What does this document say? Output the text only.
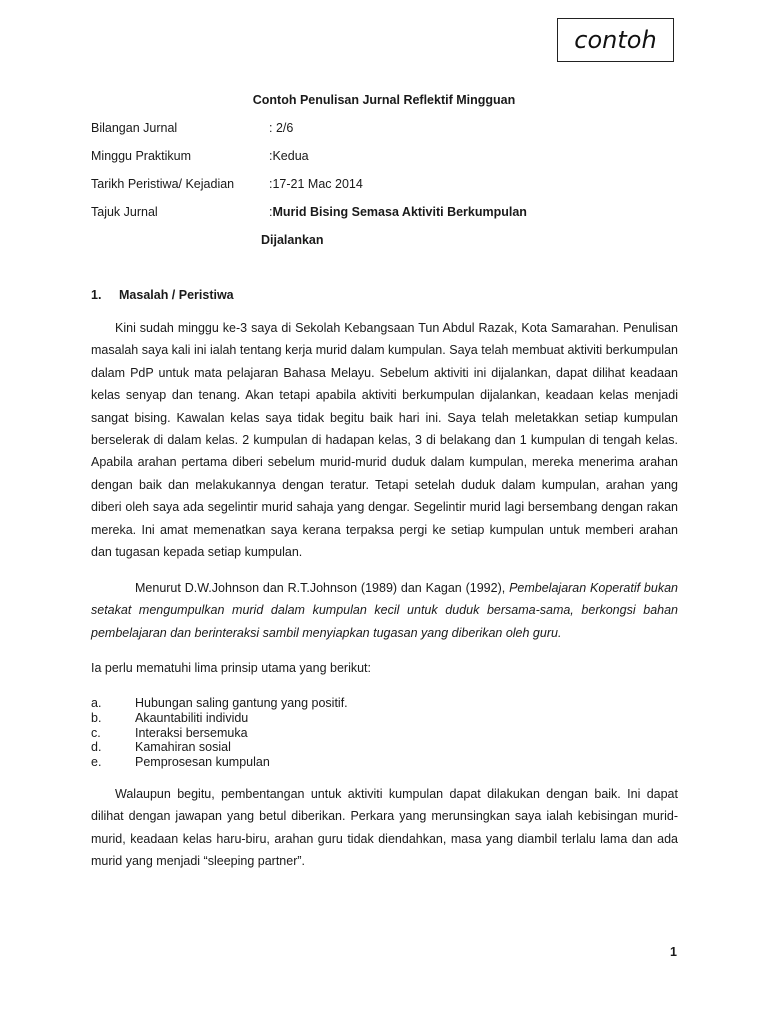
contoh
Contoh Penulisan Jurnal Reflektif Mingguan
Bilangan Jurnal	: 2/6
Minggu Praktikum	:Kedua
Tarikh Peristiwa/ Kejadian	:17-21 Mac 2014
Tajuk Jurnal	:Murid Bising Semasa Aktiviti Berkumpulan
Dijalankan
1. Masalah / Peristiwa

Kini sudah minggu ke-3 saya di Sekolah Kebangsaan Tun Abdul Razak, Kota Samarahan. Penulisan masalah saya kali ini ialah tentang kerja murid dalam kumpulan. Saya telah membuat aktiviti berkumpulan dalam PdP untuk mata pelajaran Bahasa Melayu. Sebelum aktiviti ini dijalankan, dapat dilihat keadaan kelas senyap dan tenang. Akan tetapi apabila aktiviti berkumpulan dijalankan, keadaan kelas menjadi sangat bising. Kawalan kelas saya tidak begitu baik hari ini. Saya telah meletakkan setiap kumpulan berselerak di dalam kelas. 2 kumpulan di hadapan kelas, 3 di belakang dan 1 kumpulan di tengah kelas. Apabila arahan pertama diberi sebelum murid-murid duduk dalam kumpulan, mereka menerima arahan dengan baik dan melakukannya dengan teratur. Tetapi setelah duduk dalam kumpulan, arahan yang diberi oleh saya ada segelintir murid sahaja yang dengar. Segelintir murid lagi bersembang dengan rakan mereka. Ini amat memenatkan saya kerana terpaksa pergi ke setiap kumpulan untuk memberi arahan dan tugasan kepada setiap kumpulan.

Menurut D.W.Johnson dan R.T.Johnson (1989) dan Kagan (1992), Pembelajaran Koperatif bukan setakat mengumpulkan murid dalam kumpulan kecil untuk duduk bersama-sama, berkongsi bahan pembelajaran dan berinteraksi sambil menyiapkan tugasan yang diberikan oleh guru.

Ia perlu mematuhi lima prinsip utama yang berikut:

a.	Hubungan saling gantung yang positif.
b.	Akauntabiliti individu
c.	Interaksi bersemuka
d.	Kamahiran sosial
e.	Pemprosesan kumpulan

Walaupun begitu, pembentangan untuk aktiviti kumpulan dapat dilakukan dengan baik. Ini dapat dilihat dengan jawapan yang betul diberikan. Perkara yang merunsingkan saya ialah kebisingan murid-murid, keadaan kelas haru-biru, arahan guru tidak diendahkan, masa yang diambil terlalu lama dan ada murid yang menjadi “sleeping partner”.

1
